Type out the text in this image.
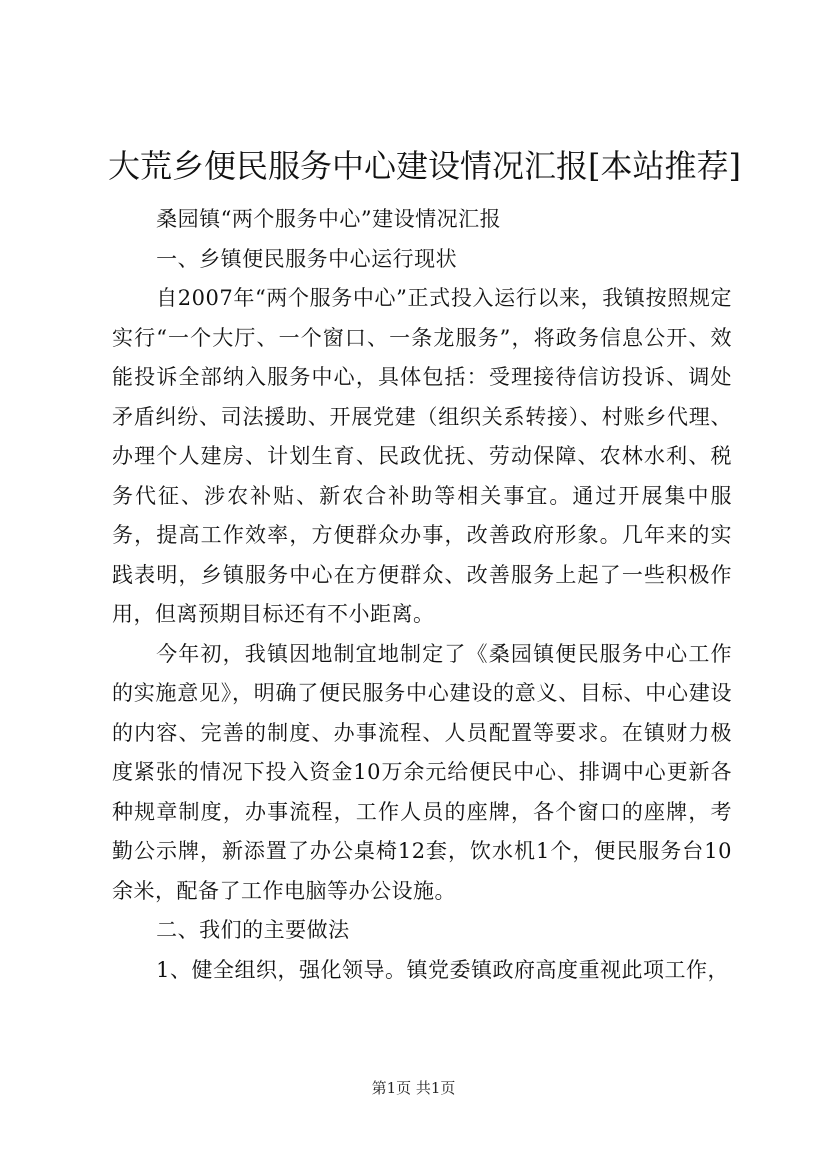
大荒乡便民服务中心建设情况汇报[本站推荐]

桑园镇“两个服务中心”建设情况汇报

一、乡镇便民服务中心运行现状

自2007年“两个服务中心”正式投入运行以来，我镇按照规定实行“一个大厅、一个窗口、一条龙服务”，将政务信息公开、效能投诉全部纳入服务中心，具体包括：受理接待信访投诉、调处矛盾纠纷、司法援助、开展党建（组织关系转接）、村账乡代理、办理个人建房、计划生育、民政优抚、劳动保障、农林水利、税务代征、涉农补贴、新农合补助等相关事宜。通过开展集中服务，提高工作效率，方便群众办事，改善政府形象。几年来的实践表明，乡镇服务中心在方便群众、改善服务上起了一些积极作用，但离预期目标还有不小距离。

今年初，我镇因地制宜地制定了《桑园镇便民服务中心工作的实施意见》，明确了便民服务中心建设的意义、目标、中心建设的内容、完善的制度、办事流程、人员配置等要求。在镇财力极度紧张的情况下投入资金10万余元给便民中心、排调中心更新各种规章制度，办事流程，工作人员的座牌，各个窗口的座牌，考勤公示牌，新添置了办公桌椅12套，饮水机1个，便民服务台10余米，配备了工作电脑等办公设施。

二、我们的主要做法

1、健全组织，强化领导。镇党委镇政府高度重视此项工作，

第1页 共1页
